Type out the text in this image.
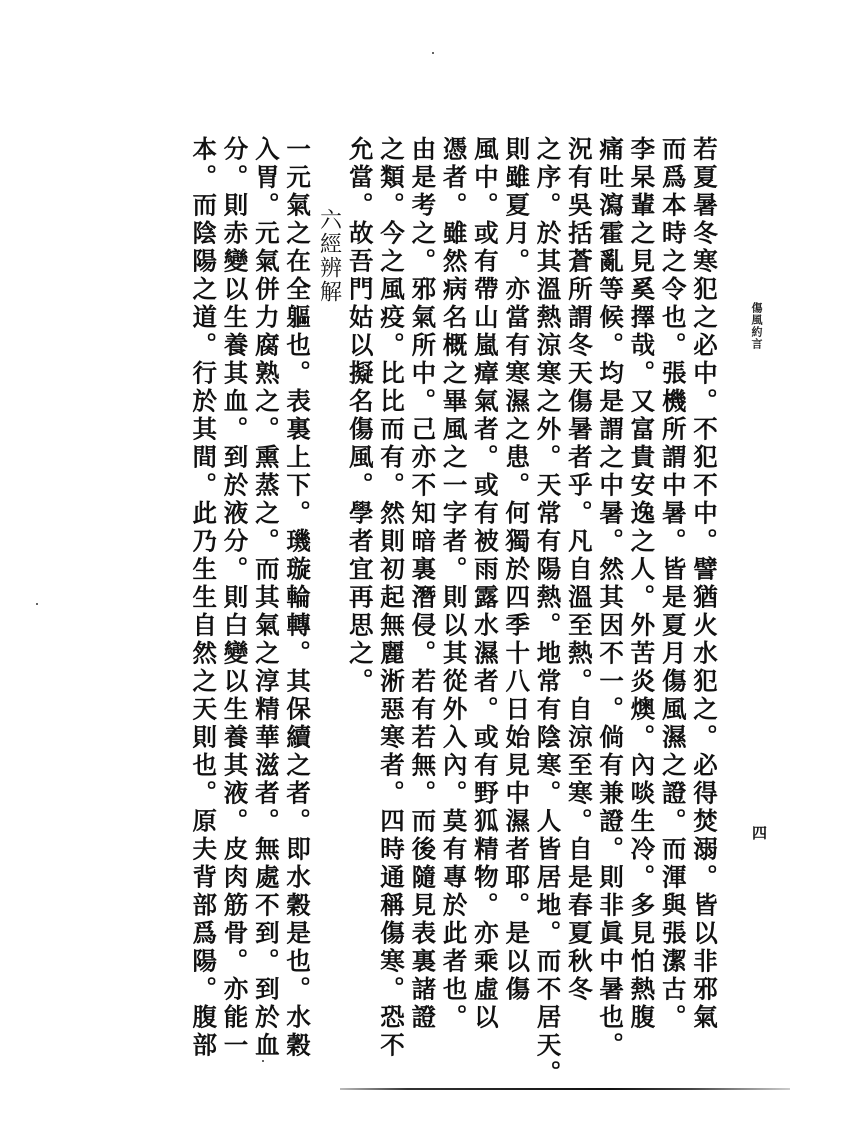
傷風約言
四
若夏暑冬寒犯之必中。不犯不中。譬猶火水犯之。必得焚溺。皆以非邪氣
而爲本時之令也。張機所謂中暑。皆是夏月傷風濕之證。而渾與張潔古。
李杲輩之見奚擇哉。又富貴安逸之人。外苦炎燠。內啖生冷。多見怕熱腹
痛吐瀉霍亂等候。均是謂之中暑。然其因不一。倘有兼證。則非眞中暑也。
況有吳括蒼所謂冬天傷暑者乎。凡自溫至熱。自涼至寒。自是春夏秋冬
之序。於其溫熱涼寒之外。天常有陽熱。地常有陰寒。人皆居地。而不居天。
則雖夏月。亦當有寒濕之患。何獨於四季十八日始見中濕者耶。是以傷
風中。或有帶山嵐瘴氣者。或有被雨露水濕者。或有野狐精物。亦乘虛以
憑者。雖然病名概之畢風之一字者。則以其從外入內。莫有專於此者也。
由是考之。邪氣所中。己亦不知暗裏潛侵。若有若無。而後隨見表裏諸證
之類。今之風疫。比比而有。然則初起無麗淅惡寒者。四時通稱傷寒。恐不
允當。故吾門姑以擬名傷風。學者宜再思之。
六經辨解
一元氣之在全軀也。表裏上下。璣璇輪轉。其保續之者。即水穀是也。水穀
入胃。元氣併力腐熟之。熏蒸之。而其氣之淳精華滋者。無處不到。到於血
分。則赤變以生養其血。到於液分。則白變以生養其液。皮肉筋骨。亦能一
本。而陰陽之道。行於其間。此乃生生自然之天則也。原夫背部爲陽。腹部
